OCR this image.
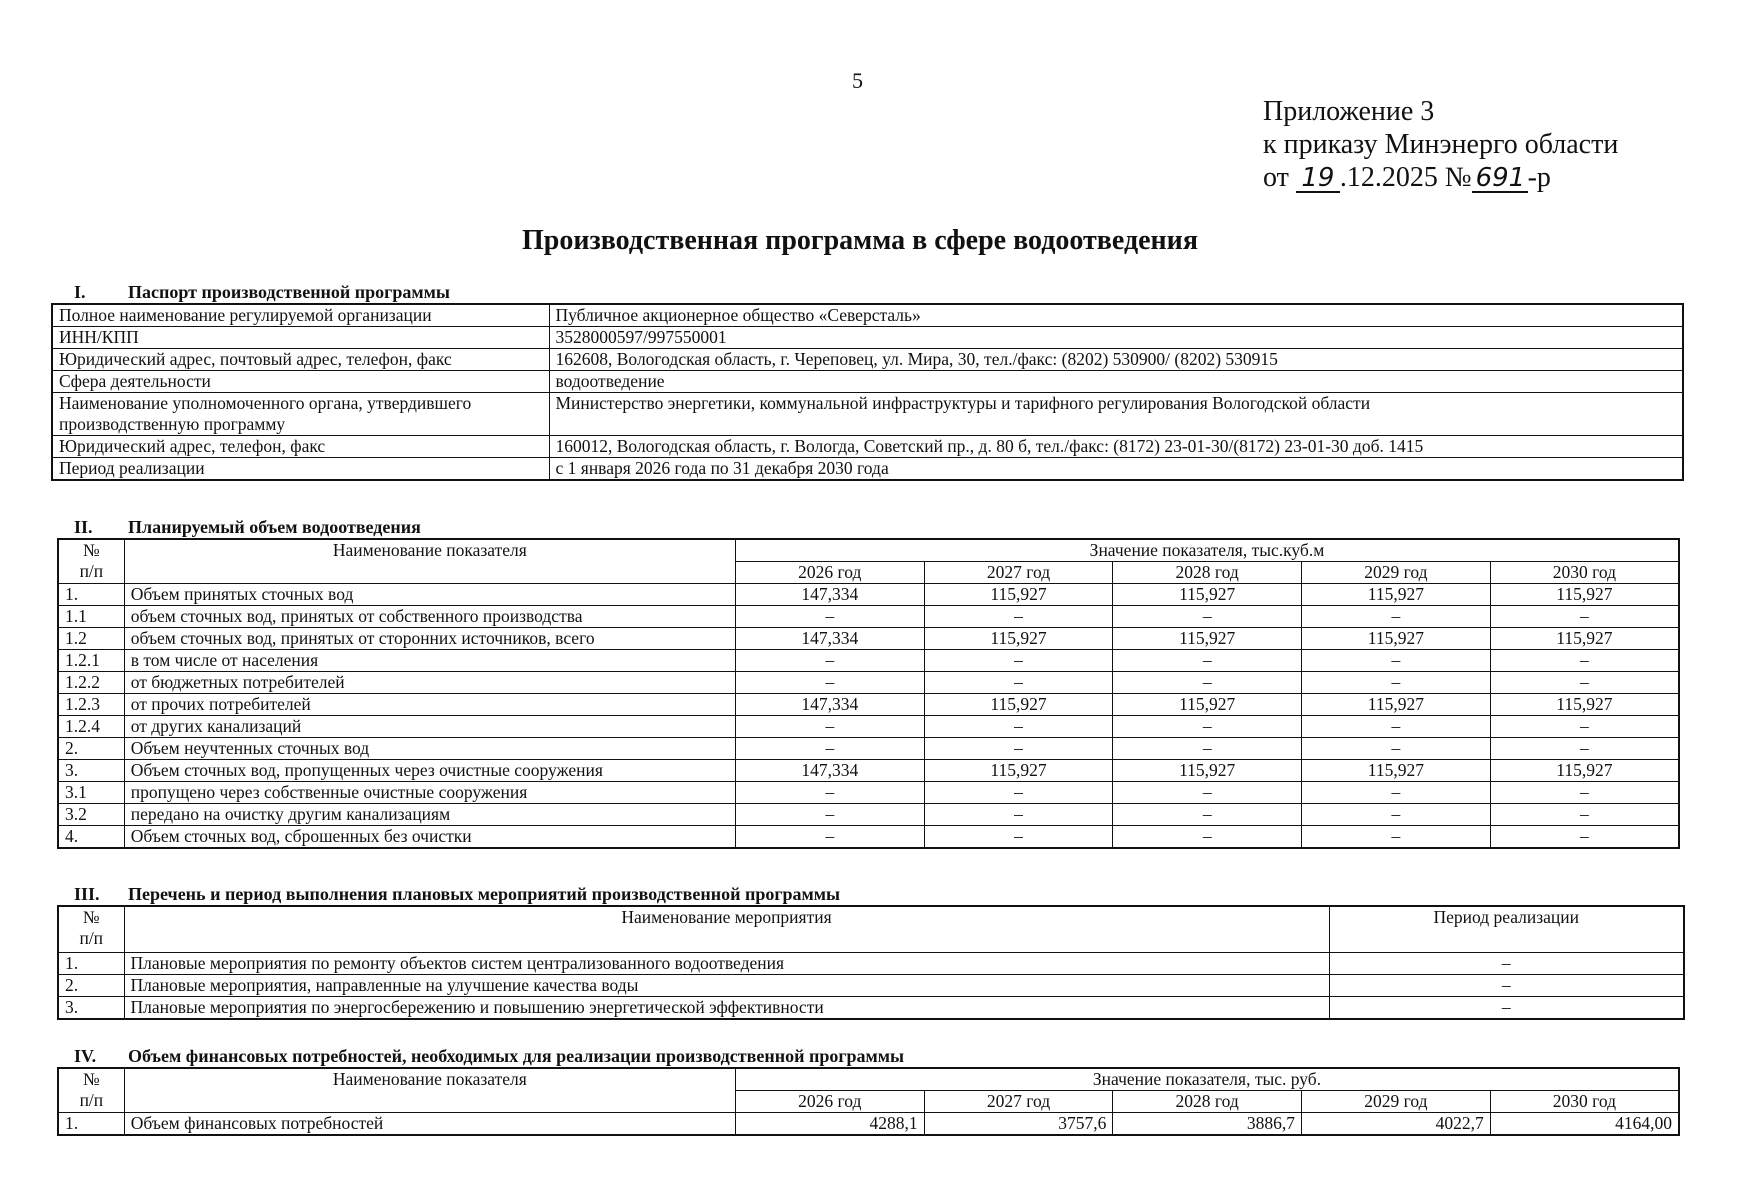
5
Приложение 3
к приказу Минэнерго области
от 19 .12.2025 № 691-р
Производственная программа в сфере водоотведения
I. Паспорт производственной программы
Полное наименование регулируемой организации	Публичное акционерное общество «Северсталь»
ИНН/КПП	3528000597/997550001
Юридический адрес, почтовый адрес, телефон, факс	162608, Вологодская область, г. Череповец, ул. Мира, 30, тел./факс: (8202) 530900/ (8202) 530915
Сфера деятельности	водоотведение
Наименование уполномоченного органа, утвердившего производственную программу	Министерство энергетики, коммунальной инфраструктуры и тарифного регулирования Вологодской области
Юридический адрес, телефон, факс	160012, Вологодская область, г. Вологда, Советский пр., д. 80 б, тел./факс: (8172) 23-01-30/(8172) 23-01-30 доб. 1415
Период реализации	с 1 января 2026 года по 31 декабря 2030 года
II. Планируемый объем водоотведения
№
п/п	Наименование показателя	Значение показателя, тыс.куб.м				
		2026 год	2027 год	2028 год	2029 год	2030 год
1.	Объем принятых сточных вод	147,334	115,927	115,927	115,927	115,927
1.1	объем сточных вод, принятых от собственного производства	–	–	–	–	–
1.2	объем сточных вод, принятых от сторонних источников, всего	147,334	115,927	115,927	115,927	115,927
1.2.1	в том числе от населения	–	–	–	–	–
1.2.2	от бюджетных потребителей	–	–	–	–	–
1.2.3	от прочих потребителей	147,334	115,927	115,927	115,927	115,927
1.2.4	от других канализаций	–	–	–	–	–
2.	Объем неучтенных сточных вод	–	–	–	–	–
3.	Объем сточных вод, пропущенных через очистные сооружения	147,334	115,927	115,927	115,927	115,927
3.1	пропущено через собственные очистные сооружения	–	–	–	–	–
3.2	передано на очистку другим канализациям	–	–	–	–	–
4.	Объем сточных вод, сброшенных без очистки	–	–	–	–	–
III. Перечень и период выполнения плановых мероприятий производственной программы
№
п/п	Наименование мероприятия	Период реализации
1.	Плановые мероприятия по ремонту объектов систем централизованного водоотведения	–
2.	Плановые мероприятия, направленные на улучшение качества воды	–
3.	Плановые мероприятия по энергосбережению и повышению энергетической эффективности	–
IV. Объем финансовых потребностей, необходимых для реализации производственной программы
№
п/п	Наименование показателя	Значение показателя, тыс. руб.				
		2026 год	2027 год	2028 год	2029 год	2030 год
1.	Объем финансовых потребностей	4288,1	3757,6	3886,7	4022,7	4164,00
